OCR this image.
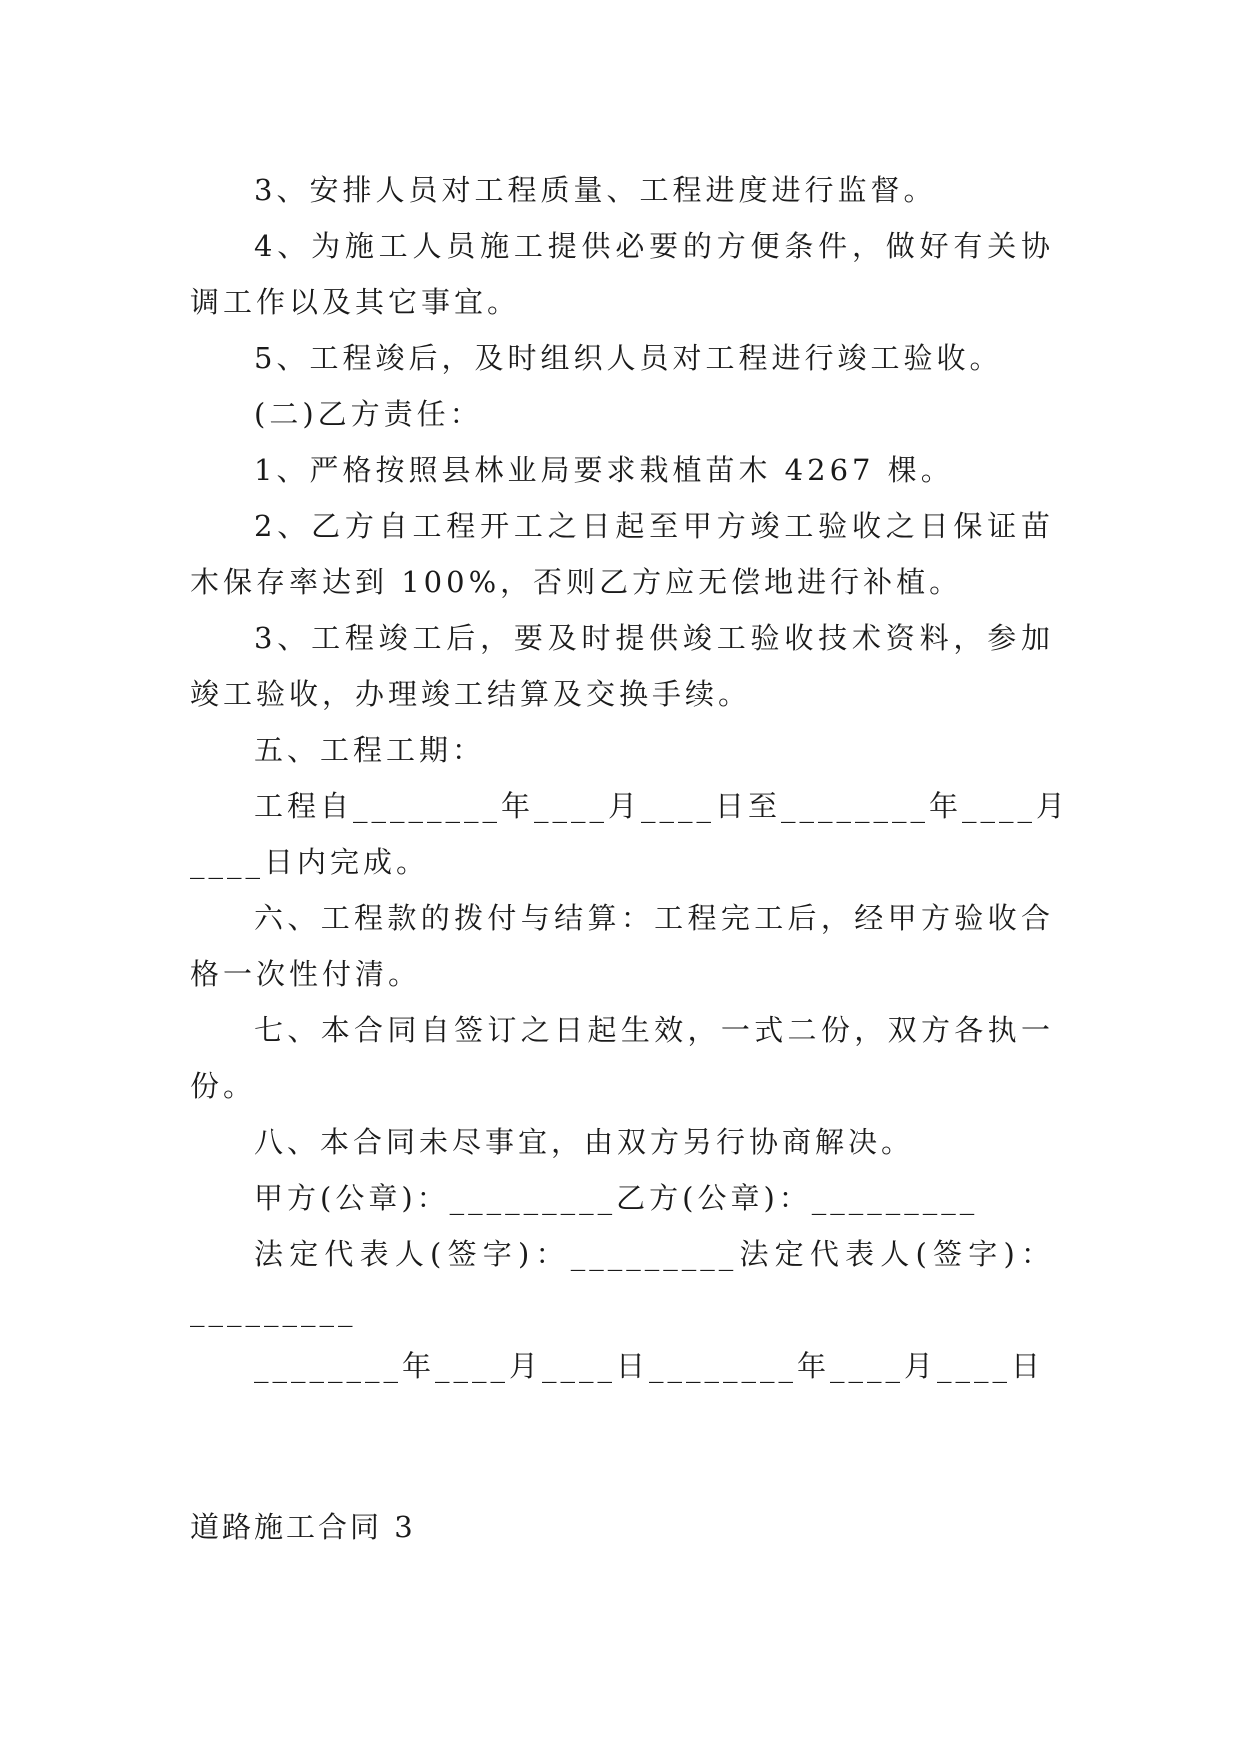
3、安排人员对工程质量、工程进度进行监督。
4、为施工人员施工提供必要的方便条件，做好有关协
调工作以及其它事宜。
5、工程竣后，及时组织人员对工程进行竣工验收。
(二)乙方责任：
1、严格按照县林业局要求栽植苗木 4267 棵。
2、乙方自工程开工之日起至甲方竣工验收之日保证苗
木保存率达到 100%，否则乙方应无偿地进行补植。
3、工程竣工后，要及时提供竣工验收技术资料，参加
竣工验收，办理竣工结算及交换手续。
五、工程工期：
工程自________年____月____日至________年____月
____日内完成。
六、工程款的拨付与结算：工程完工后，经甲方验收合
格一次性付清。
七、本合同自签订之日起生效，一式二份，双方各执一
份。
八、本合同未尽事宜，由双方另行协商解决。
甲方(公章)：_________乙方(公章)：_________
法定代表人(签字)：_________法定代表人(签字)：
_________
________年____月____日________年____月____日
道路施工合同 3
